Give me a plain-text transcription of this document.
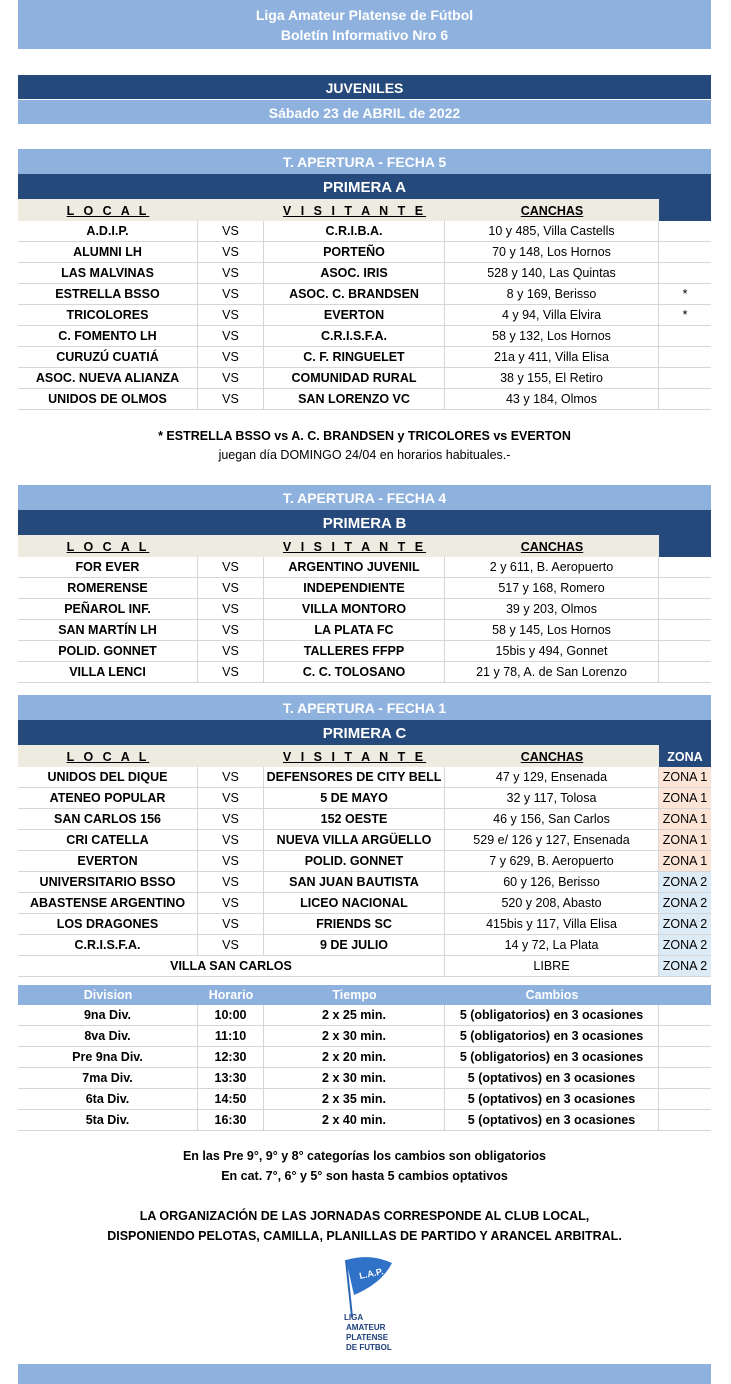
Liga Amateur Platense de Fútbol
Boletín Informativo Nro 6
JUVENILES
Sábado 23 de ABRIL de 2022
T. APERTURA - FECHA 5
PRIMERA A
L O C A L	V I S I T A N T E	CANCHAS
A.D.I.P.	VS	C.R.I.B.A.	10 y 485, Villa Castells
ALUMNI LH	VS	PORTEÑO	70 y 148, Los Hornos
LAS MALVINAS	VS	ASOC. IRIS	528 y 140, Las Quintas
ESTRELLA BSSO	VS	ASOC. C. BRANDSEN	8 y 169, Berisso	*
TRICOLORES	VS	EVERTON	4 y 94, Villa Elvira	*
C. FOMENTO LH	VS	C.R.I.S.F.A.	58 y 132, Los Hornos
CURUZÚ CUATIÁ	VS	C. F. RINGUELET	21a y 411, Villa Elisa
ASOC. NUEVA ALIANZA	VS	COMUNIDAD RURAL	38 y 155, El Retiro
UNIDOS DE OLMOS	VS	SAN LORENZO VC	43 y 184, Olmos
* ESTRELLA BSSO vs A. C. BRANDSEN y TRICOLORES vs EVERTON
juegan día DOMINGO 24/04 en horarios habituales.-
T. APERTURA - FECHA 4
PRIMERA B
L O C A L	V I S I T A N T E	CANCHAS
FOR EVER	VS	ARGENTINO JUVENIL	2 y 611, B. Aeropuerto
ROMERENSE	VS	INDEPENDIENTE	517 y 168, Romero
PEÑAROL INF.	VS	VILLA MONTORO	39 y 203, Olmos
SAN MARTÍN LH	VS	LA PLATA FC	58 y 145, Los Hornos
POLID. GONNET	VS	TALLERES FFPP	15bis y 494, Gonnet
VILLA LENCI	VS	C. C. TOLOSANO	21 y 78, A. de San Lorenzo
T. APERTURA - FECHA 1
PRIMERA C
L O C A L	V I S I T A N T E	CANCHAS	ZONA
UNIDOS DEL DIQUE	VS	DEFENSORES DE CITY BELL	47 y 129, Ensenada	ZONA 1
ATENEO POPULAR	VS	5 DE MAYO	32 y 117, Tolosa	ZONA 1
SAN CARLOS 156	VS	152 OESTE	46 y 156, San Carlos	ZONA 1
CRI CATELLA	VS	NUEVA VILLA ARGÜELLO	529 e/ 126 y 127, Ensenada	ZONA 1
EVERTON	VS	POLID. GONNET	7 y 629, B. Aeropuerto	ZONA 1
UNIVERSITARIO BSSO	VS	SAN JUAN BAUTISTA	60 y 126, Berisso	ZONA 2
ABASTENSE ARGENTINO	VS	LICEO NACIONAL	520 y 208, Abasto	ZONA 2
LOS DRAGONES	VS	FRIENDS SC	415bis y 117, Villa Elisa	ZONA 2
C.R.I.S.F.A.	VS	9 DE JULIO	14 y 72, La Plata	ZONA 2
VILLA SAN CARLOS	LIBRE	ZONA 2
Division	Horario	Tiempo	Cambios
9na Div.	10:00	2 x 25 min.	5 (obligatorios) en 3 ocasiones
8va Div.	11:10	2 x 30 min.	5 (obligatorios) en 3 ocasiones
Pre 9na Div.	12:30	2 x 20 min.	5 (obligatorios) en 3 ocasiones
7ma Div.	13:30	2 x 30 min.	5 (optativos) en 3 ocasiones
6ta Div.	14:50	2 x 35 min.	5 (optativos) en 3 ocasiones
5ta Div.	16:30	2 x 40 min.	5 (optativos) en 3 ocasiones
En las Pre 9°, 9° y 8° categorías los cambios son obligatorios
En cat. 7°, 6° y 5° son hasta 5 cambios optativos
LA ORGANIZACIÓN DE LAS JORNADAS CORRESPONDE AL CLUB LOCAL,
DISPONIENDO PELOTAS, CAMILLA, PLANILLAS DE PARTIDO Y ARANCEL ARBITRAL.
L.A.P.
LIGA
AMATEUR
PLATENSE
DE FUTBOL
